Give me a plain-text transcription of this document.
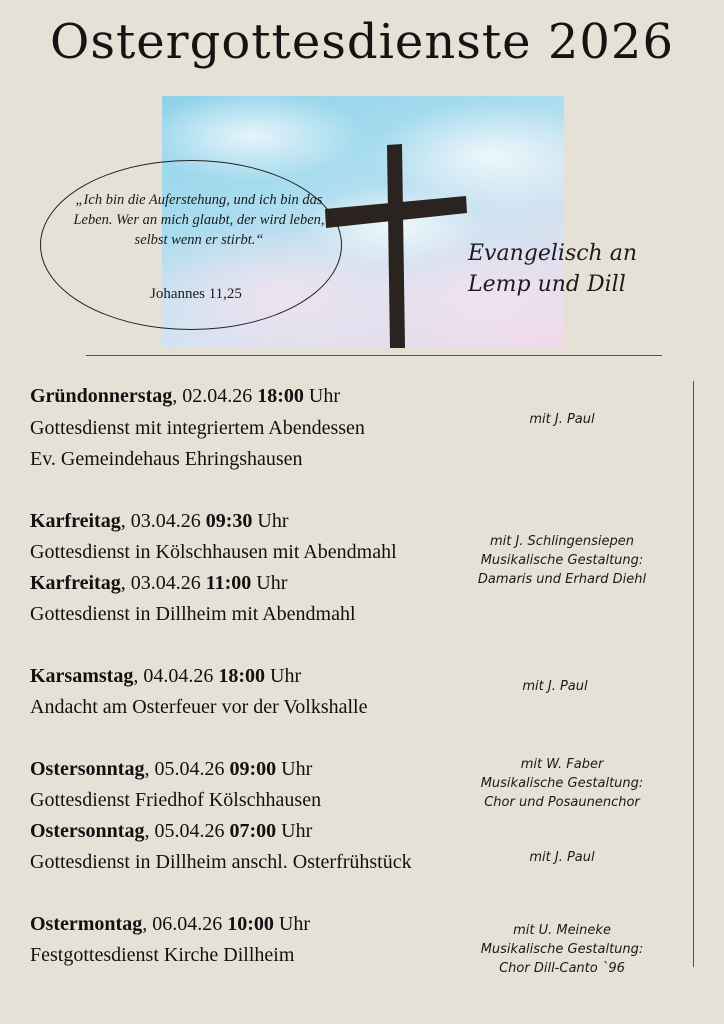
Ostergottesdienste 2026
„Ich bin die Auferstehung, und ich bin das Leben. Wer an mich glaubt, der wird leben, selbst wenn er stirbt.“
Johannes 11,25
Evangelisch an
Lemp und Dill
Gründonnerstag, 02.04.26 18:00 Uhr
Gottesdienst mit integriertem Abendessen
Ev. Gemeindehaus Ehringshausen
Karfreitag, 03.04.26 09:30 Uhr
Gottesdienst in Kölschhausen mit Abendmahl
Karfreitag, 03.04.26 11:00 Uhr
Gottesdienst in Dillheim mit Abendmahl
Karsamstag, 04.04.26 18:00 Uhr
Andacht am Osterfeuer vor der Volkshalle
Ostersonntag, 05.04.26 09:00 Uhr
Gottesdienst Friedhof Kölschhausen
Ostersonntag, 05.04.26 07:00 Uhr
Gottesdienst in Dillheim anschl. Osterfrühstück
Ostermontag, 06.04.26 10:00 Uhr
Festgottesdienst Kirche Dillheim
mit J. Paul
mit J. Schlingensiepen
Musikalische Gestaltung:
Damaris und Erhard Diehl
mit J. Paul
mit W. Faber
Musikalische Gestaltung:
Chor und Posaunenchor
mit J. Paul
mit U. Meineke
Musikalische Gestaltung:
Chor Dill-Canto `96
